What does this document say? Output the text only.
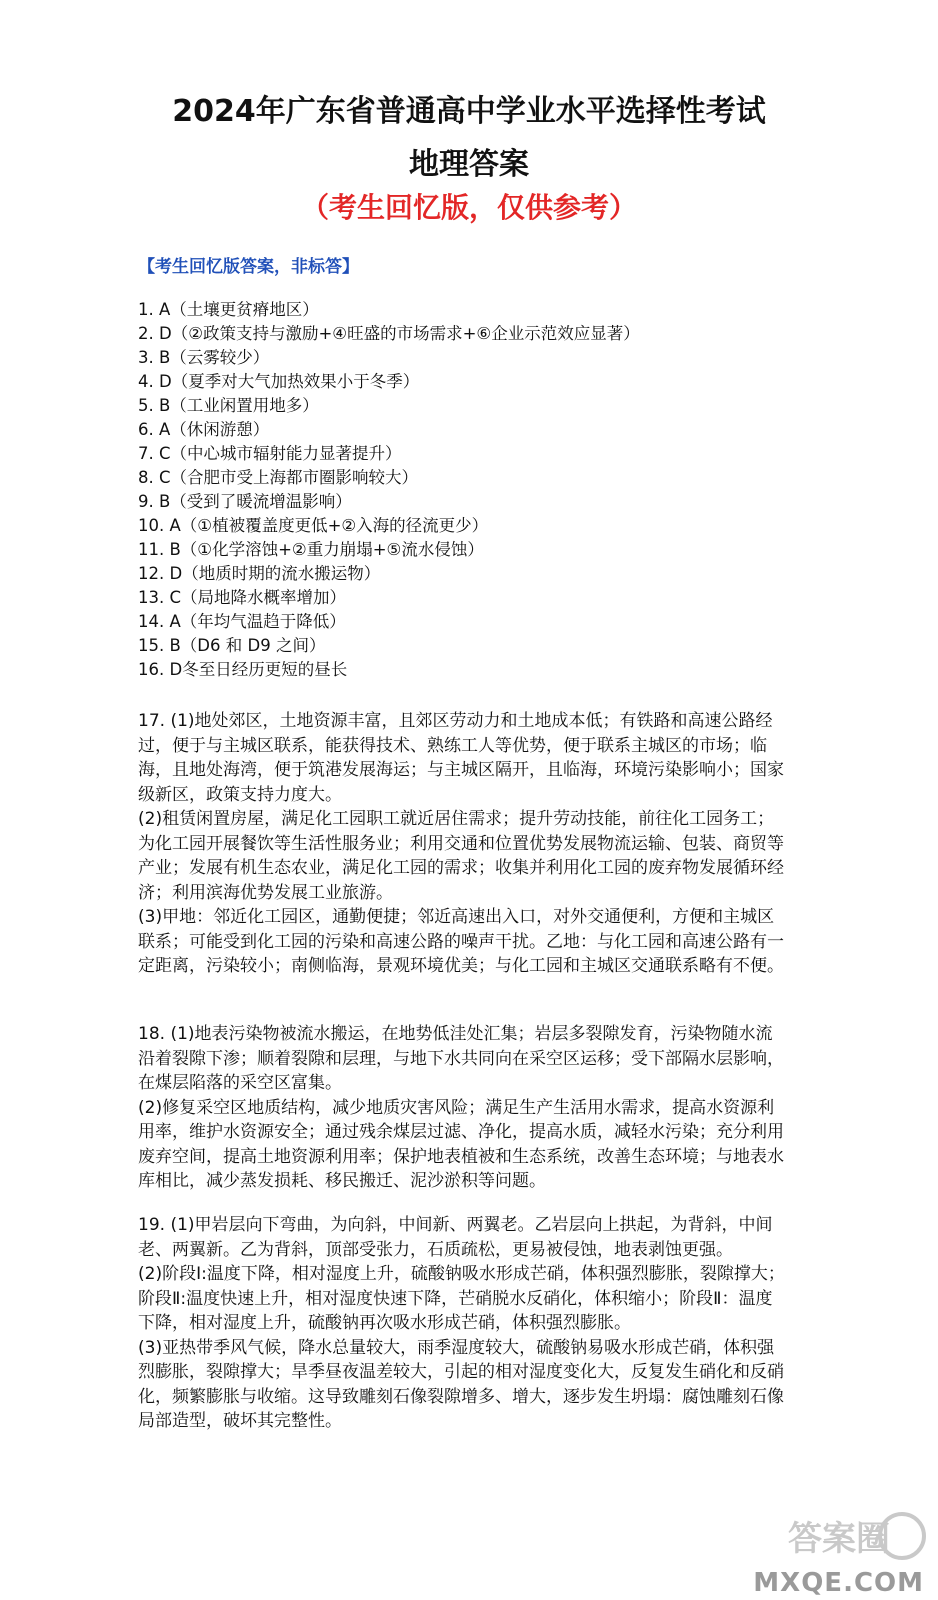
2024年广东省普通高中学业水平选择性考试
地理答案
（考生回忆版，仅供参考）
【考生回忆版答案，非标答】
1. A（土壤更贫瘠地区）
2. D（②政策支持与激励+④旺盛的市场需求+⑥企业示范效应显著）
3. B（云雾较少）
4. D（夏季对大气加热效果小于冬季）
5. B（工业闲置用地多）
6. A（休闲游憩）
7. C（中心城市辐射能力显著提升）
8. C（合肥市受上海都市圈影响较大）
9. B（受到了暖流增温影响）
10. A（①植被覆盖度更低+②入海的径流更少）
11. B（①化学溶蚀+②重力崩塌+⑤流水侵蚀）
12. D（地质时期的流水搬运物）
13. C（局地降水概率增加）
14. A（年均气温趋于降低）
15. B（D6 和 D9 之间）
16. D冬至日经历更短的昼长

17. (1)地处郊区，土地资源丰富，且郊区劳动力和土地成本低；有铁路和高速公路经过，便于与主城区联系，能获得技术、熟练工人等优势，便于联系主城区的市场；临海，且地处海湾，便于筑港发展海运；与主城区隔开，且临海，环境污染影响小；国家级新区，政策支持力度大。

(2)租赁闲置房屋，满足化工园职工就近居住需求；提升劳动技能，前往化工园务工；为化工园开展餐饮等生活性服务业；利用交通和位置优势发展物流运输、包装、商贸等产业；发展有机生态农业，满足化工园的需求；收集并利用化工园的废弃物发展循环经济；利用滨海优势发展工业旅游。

(3)甲地：邻近化工园区，通勤便捷；邻近高速出入口，对外交通便利，方便和主城区联系；可能受到化工园的污染和高速公路的噪声干扰。乙地：与化工园和高速公路有一定距离，污染较小；南侧临海，景观环境优美；与化工园和主城区交通联系略有不便。

18. (1)地表污染物被流水搬运，在地势低洼处汇集；岩层多裂隙发育，污染物随水流沿着裂隙下渗；顺着裂隙和层理，与地下水共同向在采空区运移；受下部隔水层影响，在煤层陷落的采空区富集。

(2)修复采空区地质结构，减少地质灾害风险；满足生产生活用水需求，提高水资源利用率，维护水资源安全；通过残余煤层过滤、净化，提高水质，减轻水污染；充分利用废弃空间，提高土地资源利用率；保护地表植被和生态系统，改善生态环境；与地表水库相比，减少蒸发损耗、移民搬迁、泥沙淤积等问题。

19. (1)甲岩层向下弯曲，为向斜，中间新、两翼老。乙岩层向上拱起，为背斜，中间老、两翼新。乙为背斜，顶部受张力，石质疏松，更易被侵蚀，地表剥蚀更强。

(2)阶段Ⅰ:温度下降，相对湿度上升，硫酸钠吸水形成芒硝，体积强烈膨胀，裂隙撑大；阶段Ⅱ:温度快速上升，相对湿度快速下降，芒硝脱水反硝化，体积缩小；阶段Ⅱ：温度下降，相对湿度上升，硫酸钠再次吸水形成芒硝，体积强烈膨胀。

(3)亚热带季风气候，降水总量较大，雨季湿度较大，硫酸钠易吸水形成芒硝，体积强烈膨胀，裂隙撑大；旱季昼夜温差较大，引起的相对湿度变化大，反复发生硝化和反硝化，频繁膨胀与收缩。这导致雕刻石像裂隙增多、增大，逐步发生坍塌：腐蚀雕刻石像局部造型，破坏其完整性。

答案圈
MXQE.COM
